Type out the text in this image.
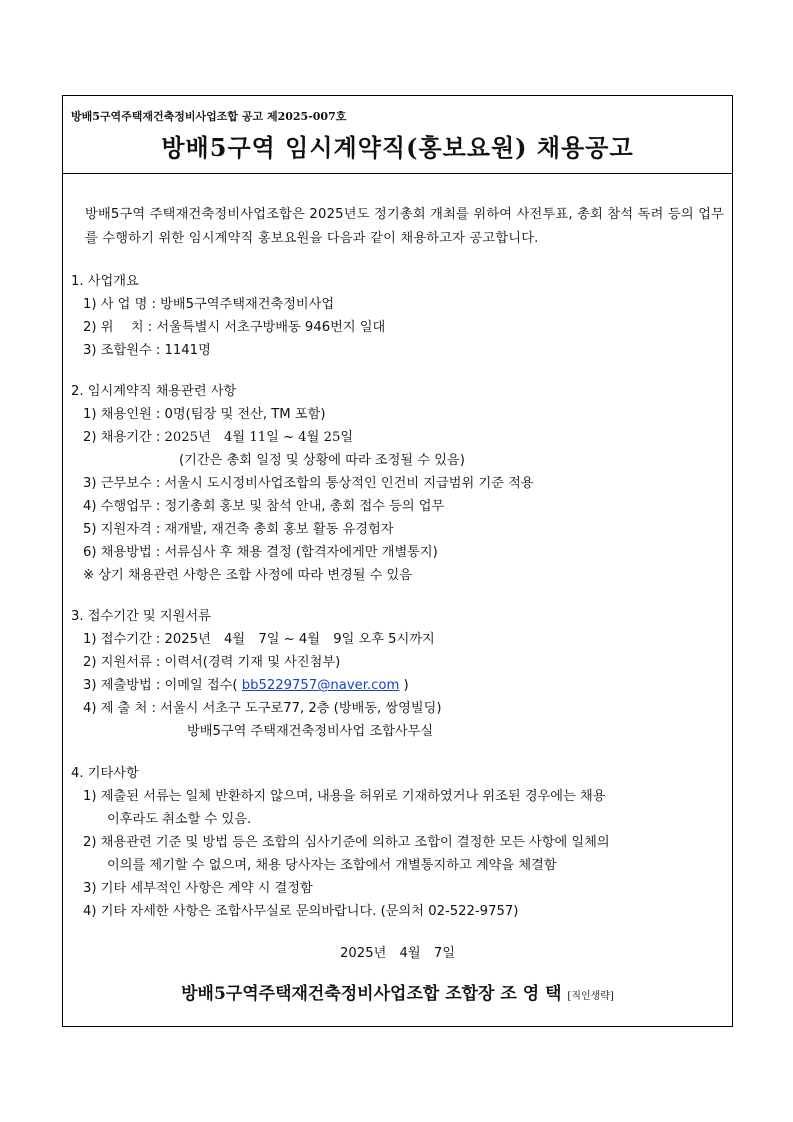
방배5구역주택재건축정비사업조합 공고 제2025-007호
방배5구역 임시계약직(홍보요원) 채용공고
방배5구역 주택재건축정비사업조합은 2025년도 정기총회 개최를 위하여 사전투표, 총회 참석 독려 등의 업무를 수행하기 위한 임시계약직 홍보요원을 다음과 같이 채용하고자 공고합니다.
1. 사업개요
1) 사 업 명 : 방배5구역주택재건축정비사업
2) 위　 치 : 서울특별시 서초구방배동 946번지 일대
3) 조합원수 : 1141명
2. 임시계약직 채용관련 사항
1) 채용인원 : 0명(팀장 및 전산, TM 포함)
2) 채용기간 : 2025년　4월 11일 ~ 4월 25일
(기간은 총회 일정 및 상황에 따라 조정될 수 있음)
3) 근무보수 : 서울시 도시정비사업조합의 통상적인 인건비 지급범위 기준 적용
4) 수행업무 : 정기총회 홍보 및 참석 안내, 총회 접수 등의 업무
5) 지원자격 : 재개발, 재건축 총회 홍보 활동 유경험자
6) 채용방법 : 서류심사 후 채용 결정 (합격자에게만 개별통지)
※ 상기 채용관련 사항은 조합 사정에 따라 변경될 수 있음
3. 접수기간 및 지원서류
1) 접수기간 : 2025년　4월　7일 ~ 4월　9일 오후 5시까지
2) 지원서류 : 이력서(경력 기재 및 사진첨부)
3) 제출방법 : 이메일 접수( bb5229757@naver.com )
4) 제 출 처 : 서울시 서초구 도구로77, 2층 (방배동, 쌍영빌딩)
방배5구역 주택재건축정비사업 조합사무실
4. 기타사항
1) 제출된 서류는 일체 반환하지 않으며, 내용을 허위로 기재하였거나 위조된 경우에는 채용
이후라도 취소할 수 있음.
2) 채용관련 기준 및 방법 등은 조합의 심사기준에 의하고 조합이 결정한 모든 사항에 일체의
이의를 제기할 수 없으며, 채용 당사자는 조합에서 개별통지하고 계약을 체결함
3) 기타 세부적인 사항은 계약 시 결정함
4) 기타 자세한 사항은 조합사무실로 문의바랍니다. (문의처 02-522-9757)
2025년　4월　7일
방배5구역주택재건축정비사업조합 조합장 조 영 택 [직인생략]
